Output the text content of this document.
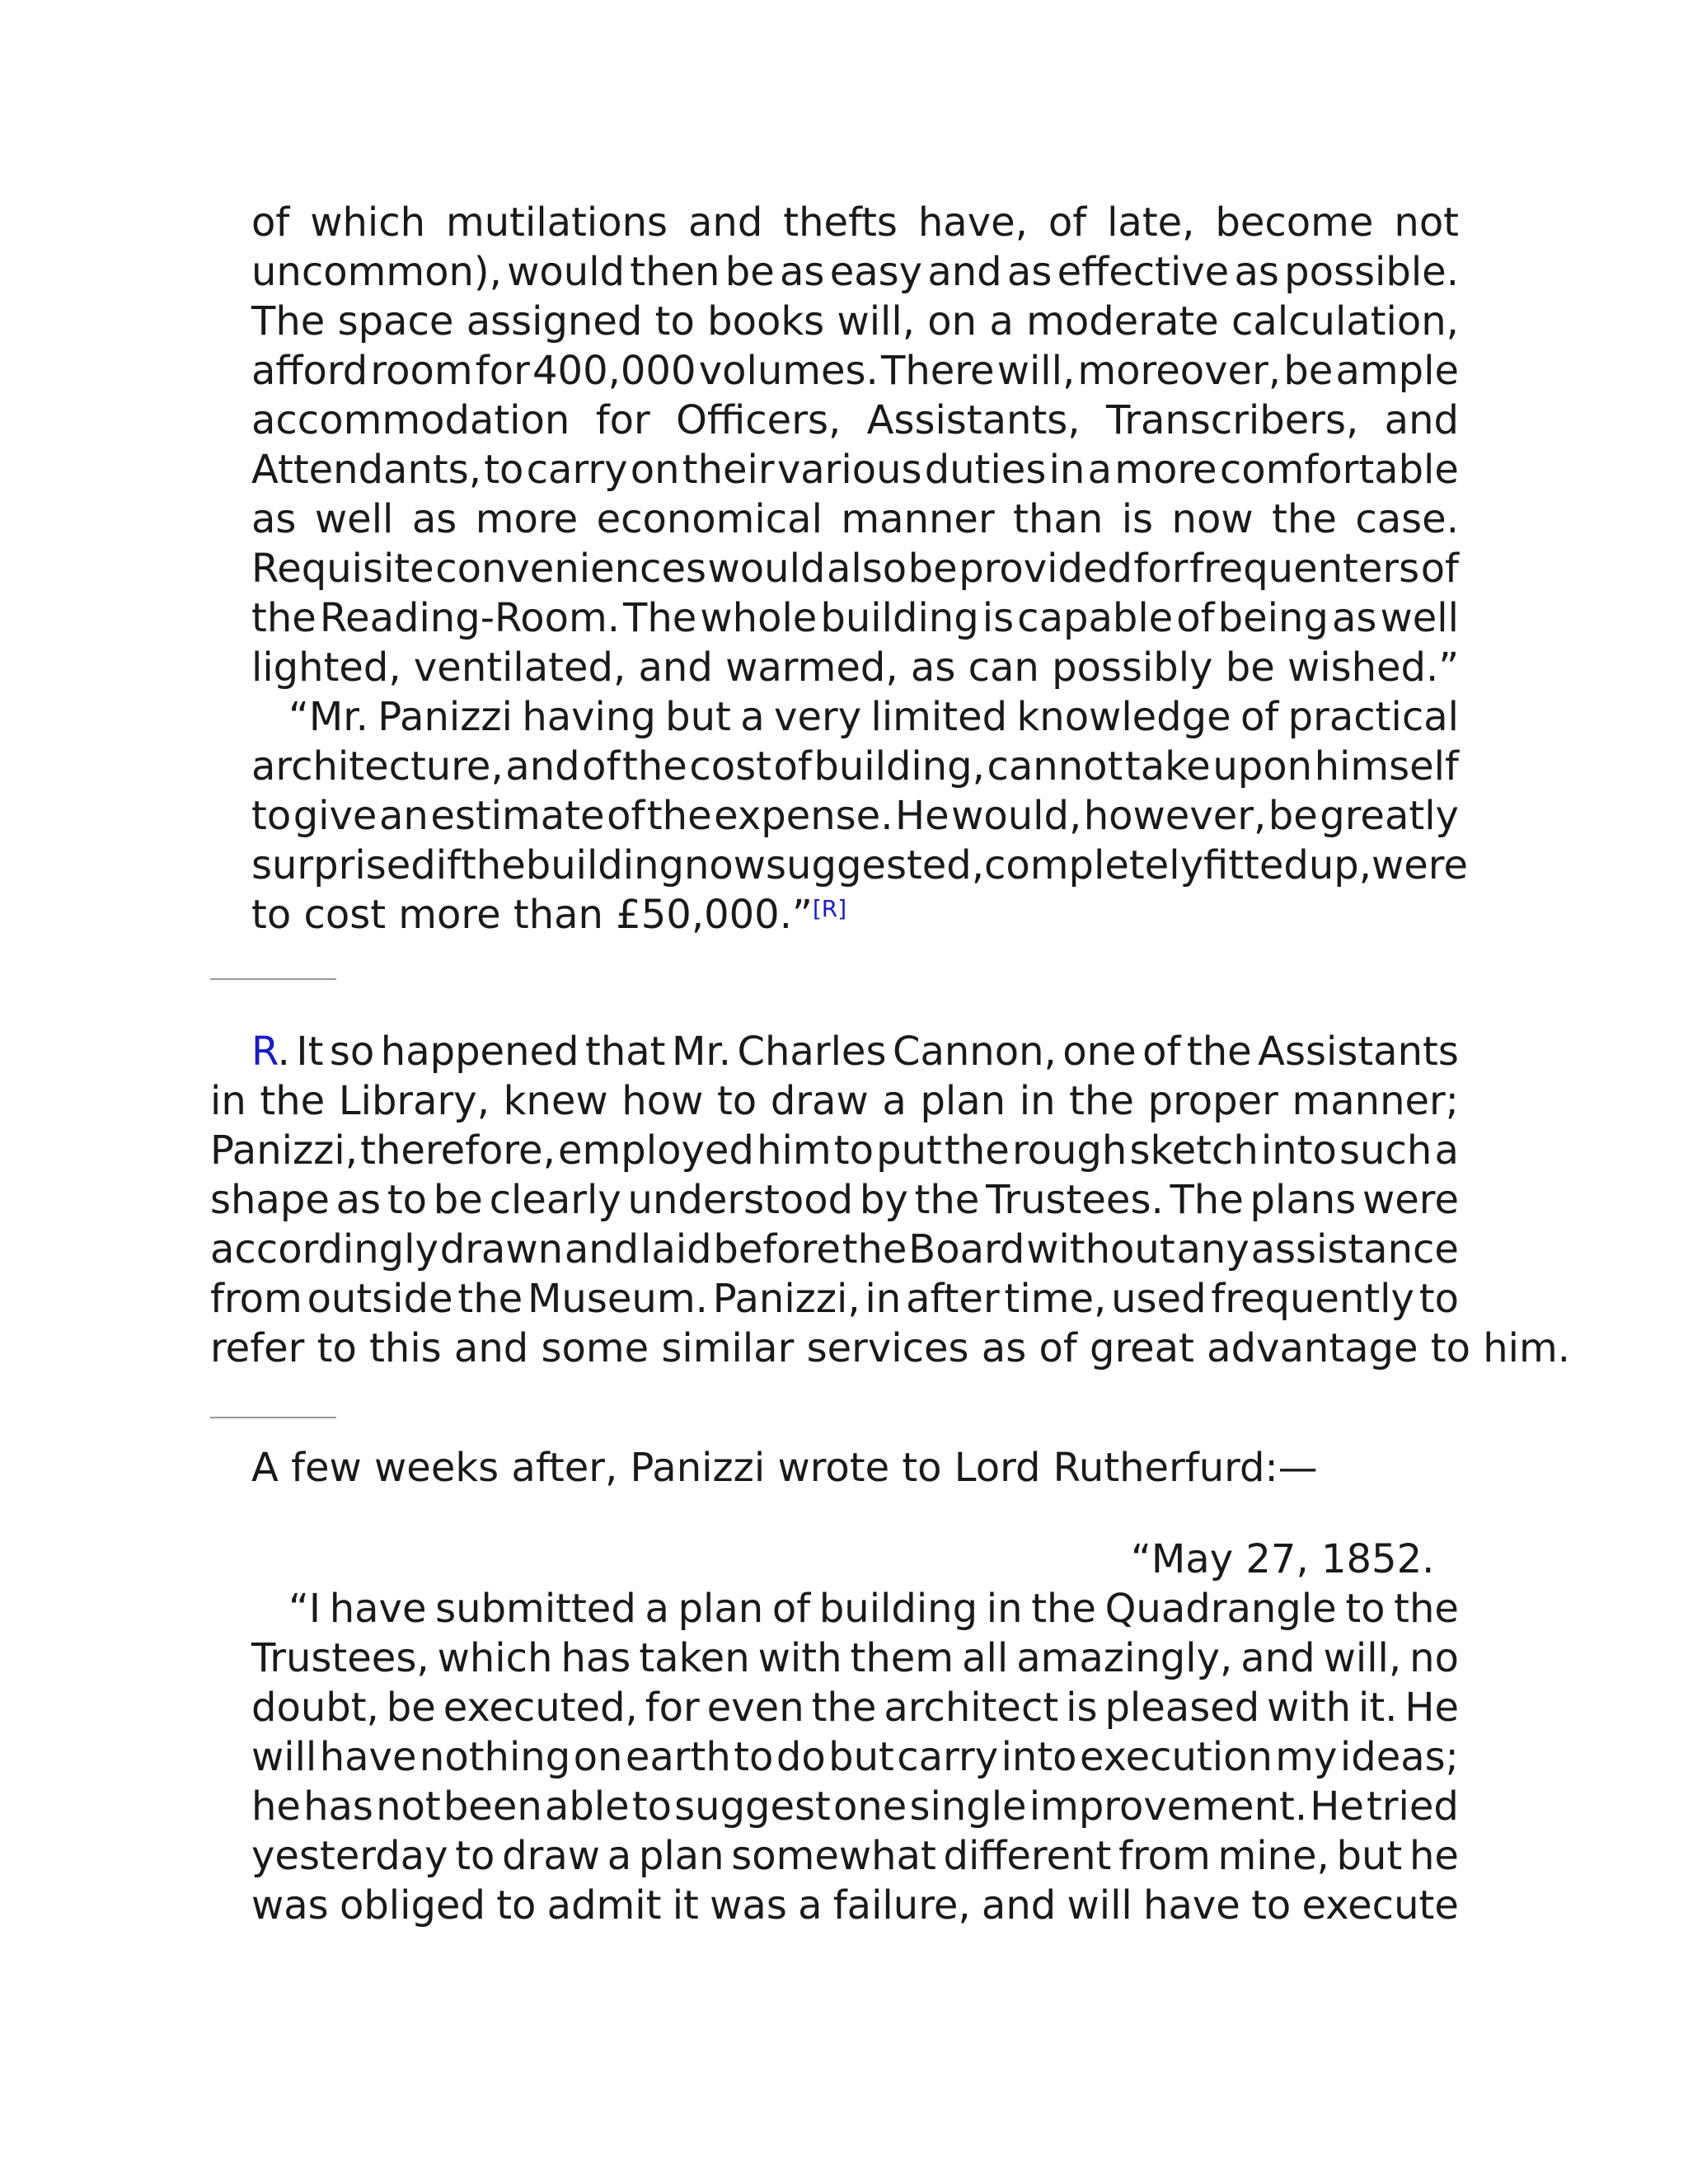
of which mutilations and thefts have, of late, become not
uncommon), would then be as easy and as effective as possible.
The space assigned to books will, on a moderate calculation,
afford room for 400,000 volumes. There will, moreover, be ample
accommodation for Officers, Assistants, Transcribers, and
Attendants, to carry on their various duties in a more comfortable
as well as more economical manner than is now the case.
Requisite conveniences would also be provided for frequenters of
the Reading-Room. The whole building is capable of being as well
lighted, ventilated, and warmed, as can possibly be wished.”
“Mr. Panizzi having but a very limited knowledge of practical
architecture, and of the cost of building, cannot take upon himself
to give an estimate of the expense. He would, however, be greatly
surprised if the building now suggested, completely fitted up, were
to cost more than £50,000.”[R]
R. It so happened that Mr. Charles Cannon, one of the Assistants
in the Library, knew how to draw a plan in the proper manner;
Panizzi, therefore, employed him to put the rough sketch into such a
shape as to be clearly understood by the Trustees. The plans were
accordingly drawn and laid before the Board without any assistance
from outside the Museum. Panizzi, in after time, used frequently to
refer to this and some similar services as of great advantage to him.
A few weeks after, Panizzi wrote to Lord Rutherfurd:—
“May 27, 1852.
“I have submitted a plan of building in the Quadrangle to the
Trustees, which has taken with them all amazingly, and will, no
doubt, be executed, for even the architect is pleased with it. He
will have nothing on earth to do but carry into execution my ideas;
he has not been able to suggest one single improvement. He tried
yesterday to draw a plan somewhat different from mine, but he
was obliged to admit it was a failure, and will have to execute
